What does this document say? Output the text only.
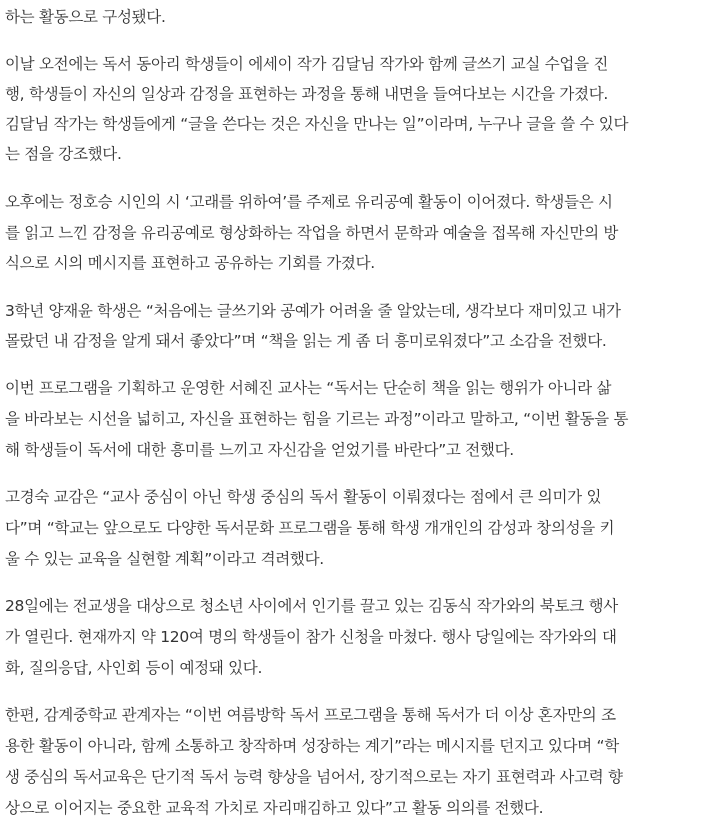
하는 활동으로 구성됐다.
이날 오전에는 독서 동아리 학생들이 에세이 작가 김달님 작가와 함께 글쓰기 교실 수업을 진
행, 학생들이 자신의 일상과 감정을 표현하는 과정을 통해 내면을 들여다보는 시간을 가졌다.
김달님 작가는 학생들에게 “글을 쓴다는 것은 자신을 만나는 일”이라며, 누구나 글을 쓸 수 있다
는 점을 강조했다.
오후에는 정호승 시인의 시 ‘고래를 위하여’를 주제로 유리공예 활동이 이어졌다. 학생들은 시
를 읽고 느낀 감정을 유리공예로 형상화하는 작업을 하면서 문학과 예술을 접목해 자신만의 방
식으로 시의 메시지를 표현하고 공유하는 기회를 가졌다.
3학년 양재윤 학생은 “처음에는 글쓰기와 공예가 어려울 줄 알았는데, 생각보다 재미있고 내가
몰랐던 내 감정을 알게 돼서 좋았다”며 “책을 읽는 게 좀 더 흥미로워졌다”고 소감을 전했다.
이번 프로그램을 기획하고 운영한 서혜진 교사는 “독서는 단순히 책을 읽는 행위가 아니라 삶
을 바라보는 시선을 넓히고, 자신을 표현하는 힘을 기르는 과정”이라고 말하고, “이번 활동을 통
해 학생들이 독서에 대한 흥미를 느끼고 자신감을 얻었기를 바란다”고 전했다.
고경숙 교감은 “교사 중심이 아닌 학생 중심의 독서 활동이 이뤄졌다는 점에서 큰 의미가 있
다”며 “학교는 앞으로도 다양한 독서문화 프로그램을 통해 학생 개개인의 감성과 창의성을 키
울 수 있는 교육을 실현할 계획”이라고 격려했다.
28일에는 전교생을 대상으로 청소년 사이에서 인기를 끌고 있는 김동식 작가와의 북토크 행사
가 열린다. 현재까지 약 120여 명의 학생들이 참가 신청을 마쳤다. 행사 당일에는 작가와의 대
화, 질의응답, 사인회 등이 예정돼 있다.
한편, 감계중학교 관계자는 “이번 여름방학 독서 프로그램을 통해 독서가 더 이상 혼자만의 조
용한 활동이 아니라, 함께 소통하고 창작하며 성장하는 계기”라는 메시지를 던지고 있다며 “학
생 중심의 독서교육은 단기적 독서 능력 향상을 넘어서, 장기적으로는 자기 표현력과 사고력 향
상으로 이어지는 중요한 교육적 가치로 자리매김하고 있다”고 활동 의의를 전했다.
